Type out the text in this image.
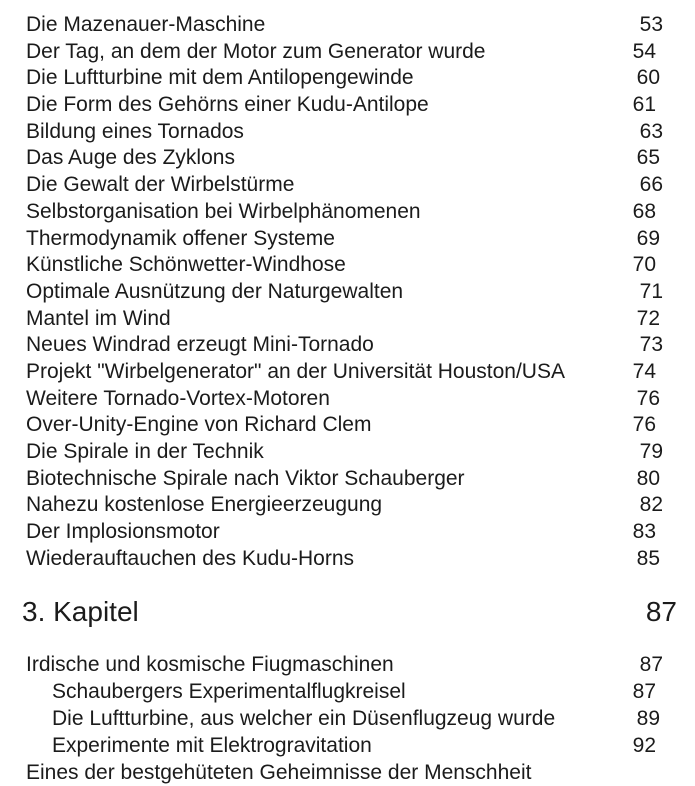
Die Mazenauer-Maschine	53
Der Tag, an dem der Motor zum Generator wurde	54
Die Luftturbine mit dem Antilopengewinde	60
Die Form des Gehörns einer Kudu-Antilope	61
Bildung eines Tornados	63
Das Auge des Zyklons	65
Die Gewalt der Wirbelstürme	66
Selbstorganisation bei Wirbelphänomenen	68
Thermodynamik offener Systeme	69
Künstliche Schönwetter-Windhose	70
Optimale Ausnützung der Naturgewalten	71
Mantel im Wind	72
Neues Windrad erzeugt Mini-Tornado	73
Projekt "Wirbelgenerator" an der Universität Houston/USA	74
Weitere Tornado-Vortex-Motoren	76
Over-Unity-Engine von Richard Clem	76
Die Spirale in der Technik	79
Biotechnische Spirale nach Viktor Schauberger	80
Nahezu kostenlose Energieerzeugung	82
Der Implosionsmotor	83
Wiederauftauchen des Kudu-Horns	85
3. Kapitel	87
Irdische und kosmische Fiugmaschinen	87
Schaubergers Experimentalflugkreisel	87
Die Luftturbine, aus welcher ein Düsenflugzeug wurde	89
Experimente mit Elektrogravitation	92
Eines der bestgehüteten Geheimnisse der Menschheit
